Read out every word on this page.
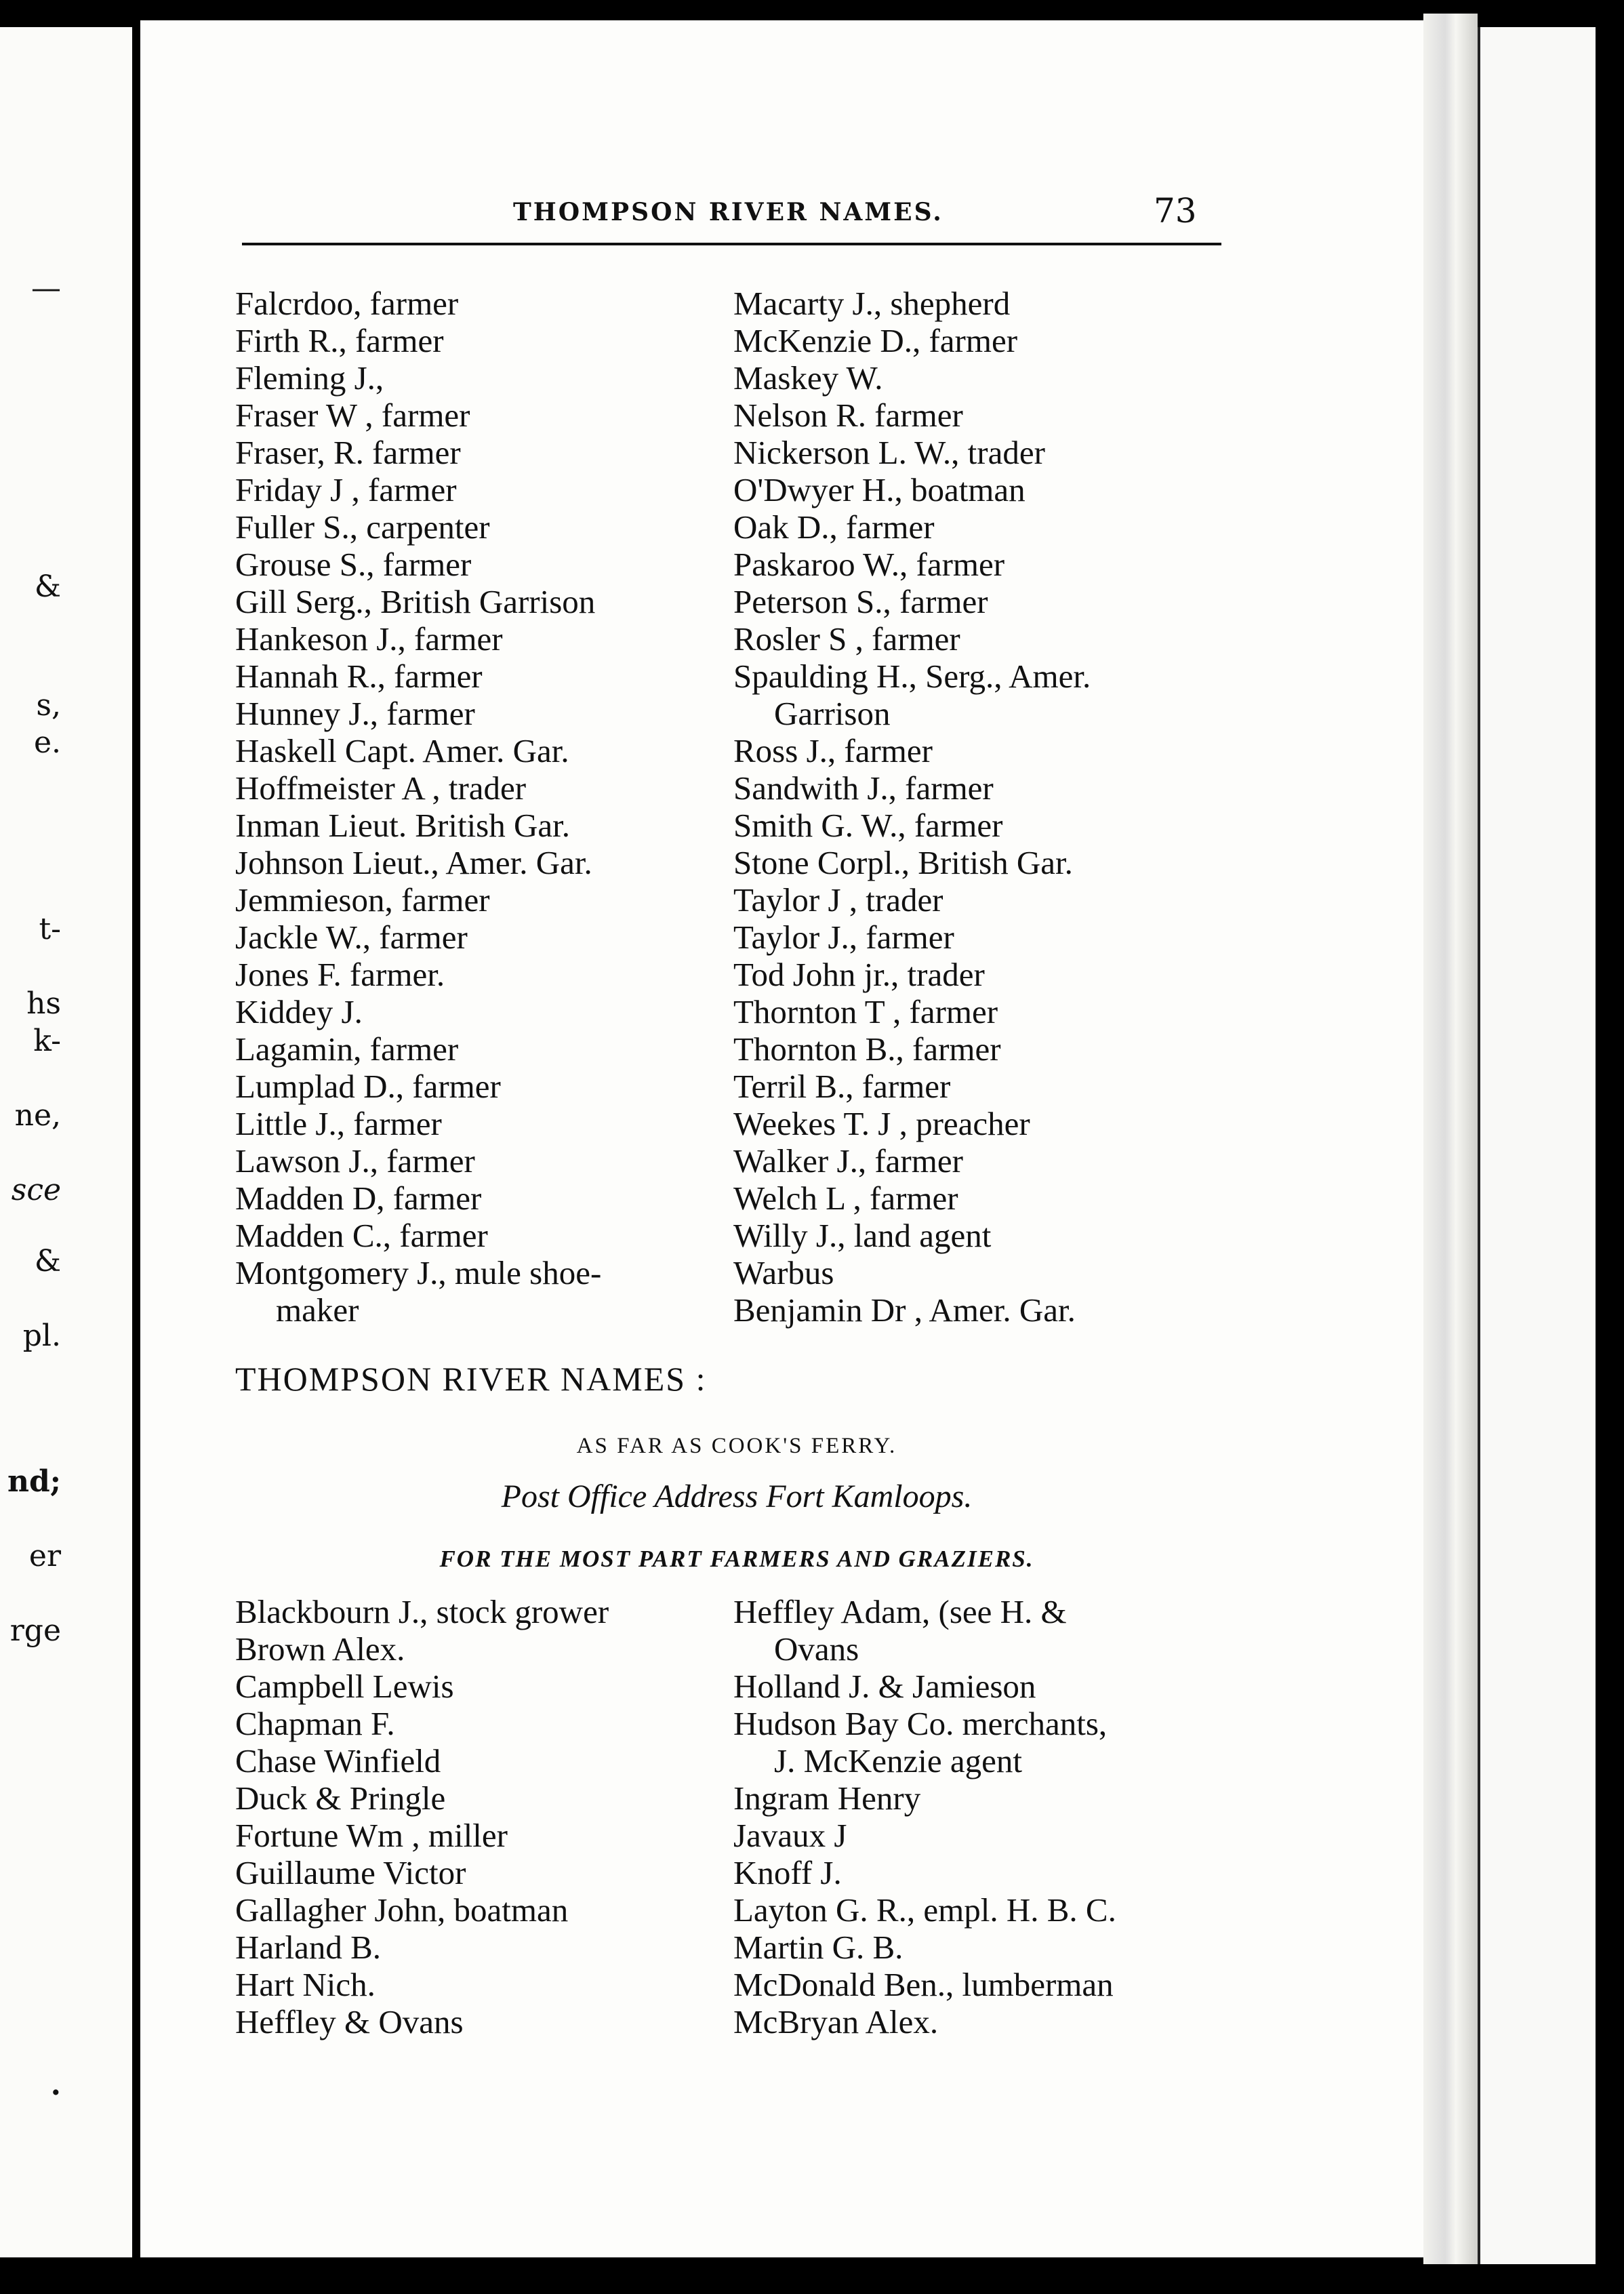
—
&
s,
e.
t-
hs
k-
ne,
sce
&
pl.
nd;
er
rge
.
THOMPSON RIVER NAMES.	73
Falcrdoo, farmer
Firth R., farmer
Fleming J.,
Fraser W , farmer
Fraser, R. farmer
Friday J , farmer
Fuller S., carpenter
Grouse S., farmer
Gill Serg., British Garrison
Hankeson J., farmer
Hannah R., farmer
Hunney J., farmer
Haskell Capt. Amer. Gar.
Hoffmeister A , trader
Inman Lieut. British Gar.
Johnson Lieut., Amer. Gar.
Jemmieson, farmer
Jackle W., farmer
Jones F. farmer.
Kiddey J.
Lagamin, farmer
Lumplad D., farmer
Little J., farmer
Lawson J., farmer
Madden D, farmer
Madden C., farmer
Montgomery J., mule shoe-
maker
Macarty J., shepherd
McKenzie D., farmer
Maskey W.
Nelson R. farmer
Nickerson L. W., trader
O'Dwyer H., boatman
Oak D., farmer
Paskaroo W., farmer
Peterson S., farmer
Rosler S , farmer
Spaulding H., Serg., Amer.
Garrison
Ross J., farmer
Sandwith J., farmer
Smith G. W., farmer
Stone Corpl., British Gar.
Taylor J , trader
Taylor J., farmer
Tod John jr., trader
Thornton T , farmer
Thornton B., farmer
Terril B., farmer
Weekes T. J , preacher
Walker J., farmer
Welch L , farmer
Willy J., land agent
Warbus
Benjamin Dr , Amer. Gar.
THOMPSON RIVER NAMES :
AS FAR AS COOK'S FERRY.
Post Office Address Fort Kamloops.
FOR THE MOST PART FARMERS AND GRAZIERS.
Blackbourn J., stock grower
Brown Alex.
Campbell Lewis
Chapman F.
Chase Winfield
Duck & Pringle
Fortune Wm , miller
Guillaume Victor
Gallagher John, boatman
Harland B.
Hart Nich.
Heffley & Ovans
Heffley Adam, (see H. &
Ovans
Holland J. & Jamieson
Hudson Bay Co. merchants,
J. McKenzie agent
Ingram Henry
Javaux J
Knoff J.
Layton G. R., empl. H. B. C.
Martin G. B.
McDonald Ben., lumberman
McBryan Alex.
